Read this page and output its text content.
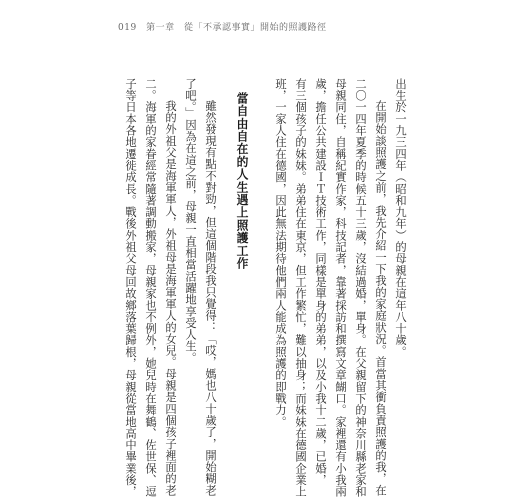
019 第一章 從「不承認事實」開始的照護路徑
出生於一九三四年（昭和九年）的母親在這年八十歲。
在開始談照護之前，我先介紹一下我的家庭狀況。首當其衝負責照護的我，在
二〇一四年夏季的時候五十三歲，沒結過婚，單身。在父親留下的神奈川縣老家和
母親同住，自稱紀實作家，科技記者，靠著採訪和撰寫文章餬口。家裡還有小我兩
歲，擔任公共建設ＩＴ技術工作，同樣是單身的弟弟，以及小我十二歲，已婚，
有三個孩子的妹妹。弟弟住在東京，但工作繁忙，難以抽身；而妹妹在德國企業上
班，一家人住在德國，因此無法期待他們兩人能成為照護的即戰力。
當自由自在的人生遇上照護工作
雖然發現有點不對勁，但這個階段我只覺得：「哎，媽也八十歲了，開始糊老
了吧。」因為在這之前，母親一直相當活躍地享受人生。
我的外祖父是海軍軍人，外祖母是海軍軍人的女兒。母親是四個孩子裡面的老
二。海軍的家眷經常隨著調動搬家，母親家也不例外，她兒時在舞鶴、佐世保、逗
子等日本各地遷徙成長。戰後外祖父母回故鄉落葉歸根，母親從當地高中畢業後，
